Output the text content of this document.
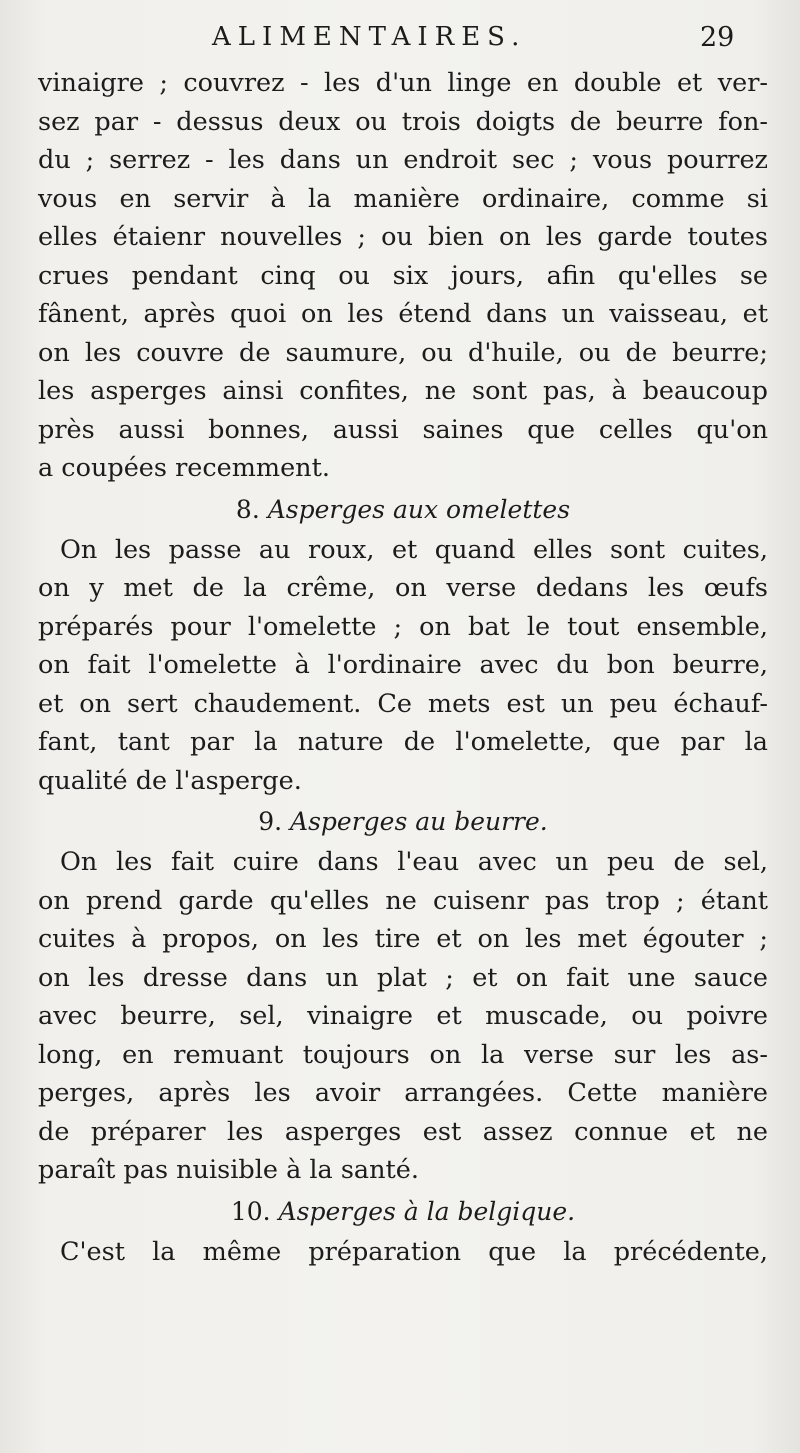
ALIMENTAIRES.	29
vinaigre ; couvrez - les d'un linge en double et ver-
sez par - dessus deux ou trois doigts de beurre fon-
du ; serrez - les dans un endroit sec ; vous pourrez
vous en servir à la manière ordinaire, comme si
elles étaienr nouvelles ; ou bien on les garde toutes
crues pendant cinq ou six jours, afin qu'elles se
fânent, après quoi on les étend dans un vaisseau, et
on les couvre de saumure, ou d'huile, ou de beurre;
les asperges ainsi confites, ne sont pas, à beaucoup
près aussi bonnes, aussi saines que celles qu'on
a coupées recemment.
8. Asperges aux omelettes
On les passe au roux, et quand elles sont cuites,
on y met de la crême, on verse dedans les œufs
préparés pour l'omelette ; on bat le tout ensemble,
on fait l'omelette à l'ordinaire avec du bon beurre,
et on sert chaudement. Ce mets est un peu échauf-
fant, tant par la nature de l'omelette, que par la
qualité de l'asperge.
9. Asperges au beurre.
On les fait cuire dans l'eau avec un peu de sel,
on prend garde qu'elles ne cuisenr pas trop ; étant
cuites à propos, on les tire et on les met égouter ;
on les dresse dans un plat ; et on fait une sauce
avec beurre, sel, vinaigre et muscade, ou poivre
long, en remuant toujours on la verse sur les as-
perges, après les avoir arrangées. Cette manière
de préparer les asperges est assez connue et ne
paraît pas nuisible à la santé.
10. Asperges à la belgique.
C'est la même préparation que la précédente,
